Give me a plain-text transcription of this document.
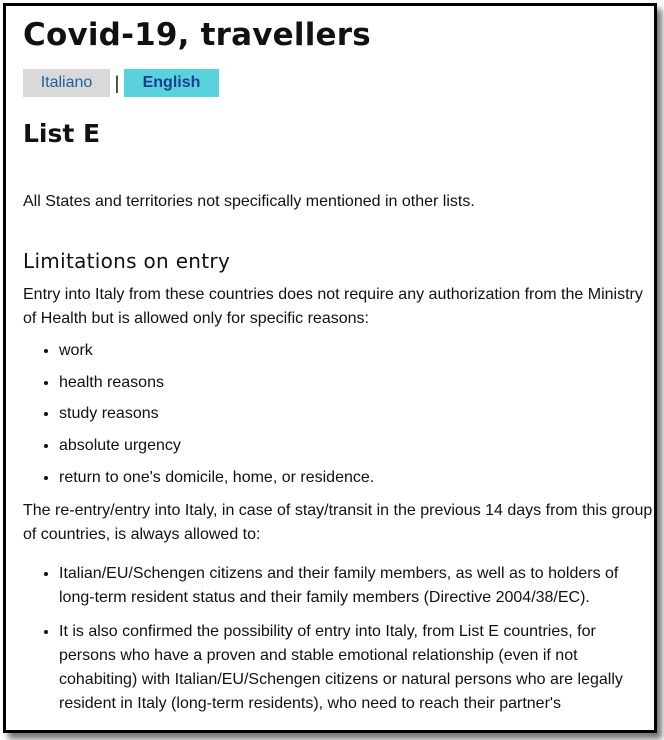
Covid-19, travellers
Italiano	|	English
List E

All States and territories not specifically mentioned in other lists.

Limitations on entry

Entry into Italy from these countries does not require any authorization from the Ministry of Health but is allowed only for specific reasons:

• work
• health reasons
• study reasons
• absolute urgency
• return to one's domicile, home, or residence.

The re-entry/entry into Italy, in case of stay/transit in the previous 14 days from this group of countries, is always allowed to:

• Italian/EU/Schengen citizens and their family members, as well as to holders of long-term resident status and their family members (Directive 2004/38/EC).
• It is also confirmed the possibility of entry into Italy, from List E countries, for persons who have a proven and stable emotional relationship (even if not cohabiting) with Italian/EU/Schengen citizens or natural persons who are legally resident in Italy (long-term residents), who need to reach their partner's
